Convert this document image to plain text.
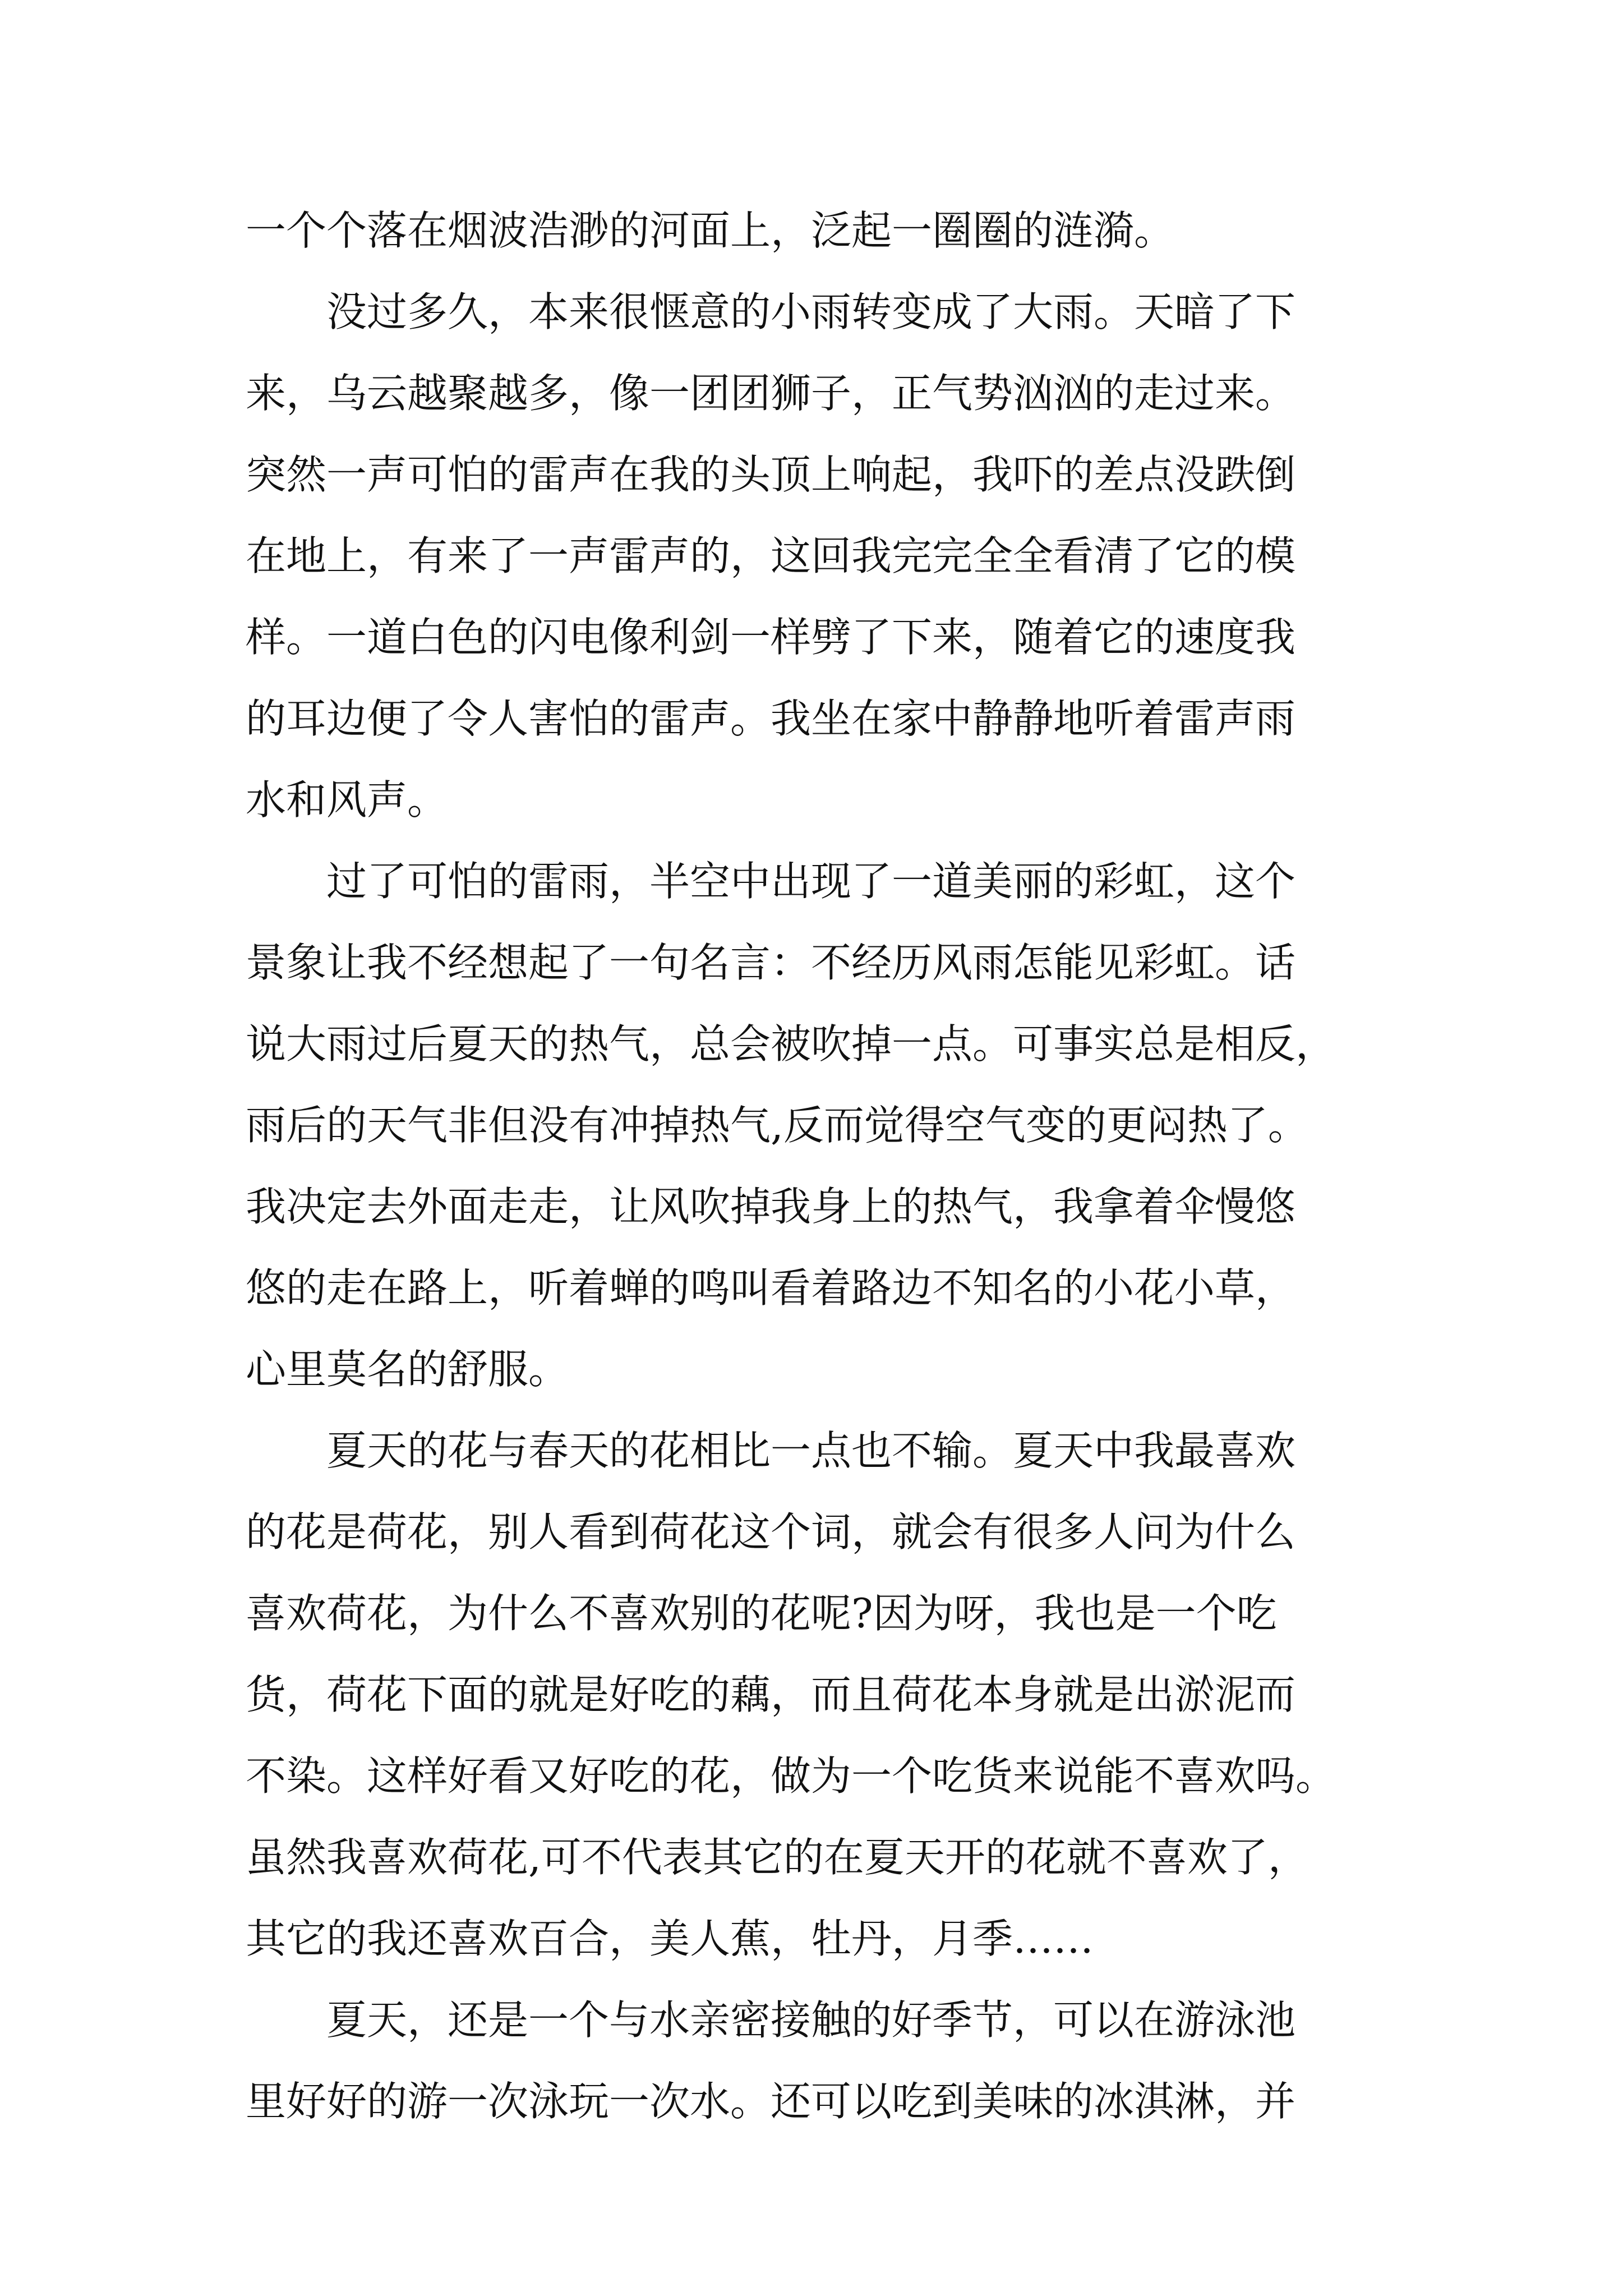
一个个落在烟波浩渺的河面上，泛起一圈圈的涟漪。
　　没过多久，本来很惬意的小雨转变成了大雨。天暗了下
来，乌云越聚越多，像一团团狮子，正气势汹汹的走过来。
突然一声可怕的雷声在我的头顶上响起，我吓的差点没跌倒
在地上，有来了一声雷声的，这回我完完全全看清了它的模
样。一道白色的闪电像利剑一样劈了下来，随着它的速度我
的耳边便了令人害怕的雷声。我坐在家中静静地听着雷声雨
水和风声。
　　过了可怕的雷雨，半空中出现了一道美丽的彩虹，这个
景象让我不经想起了一句名言：不经历风雨怎能见彩虹。话
说大雨过后夏天的热气，总会被吹掉一点。可事实总是相反，
雨后的天气非但没有冲掉热气,反而觉得空气变的更闷热了。
我决定去外面走走，让风吹掉我身上的热气，我拿着伞慢悠
悠的走在路上，听着蝉的鸣叫看着路边不知名的小花小草，
心里莫名的舒服。
　　夏天的花与春天的花相比一点也不输。夏天中我最喜欢
的花是荷花，别人看到荷花这个词，就会有很多人问为什么
喜欢荷花，为什么不喜欢别的花呢?因为呀，我也是一个吃
货，荷花下面的就是好吃的藕，而且荷花本身就是出淤泥而
不染。这样好看又好吃的花，做为一个吃货来说能不喜欢吗。
虽然我喜欢荷花,可不代表其它的在夏天开的花就不喜欢了，
其它的我还喜欢百合，美人蕉，牡丹，月季……
　　夏天，还是一个与水亲密接触的好季节，可以在游泳池
里好好的游一次泳玩一次水。还可以吃到美味的冰淇淋，并
